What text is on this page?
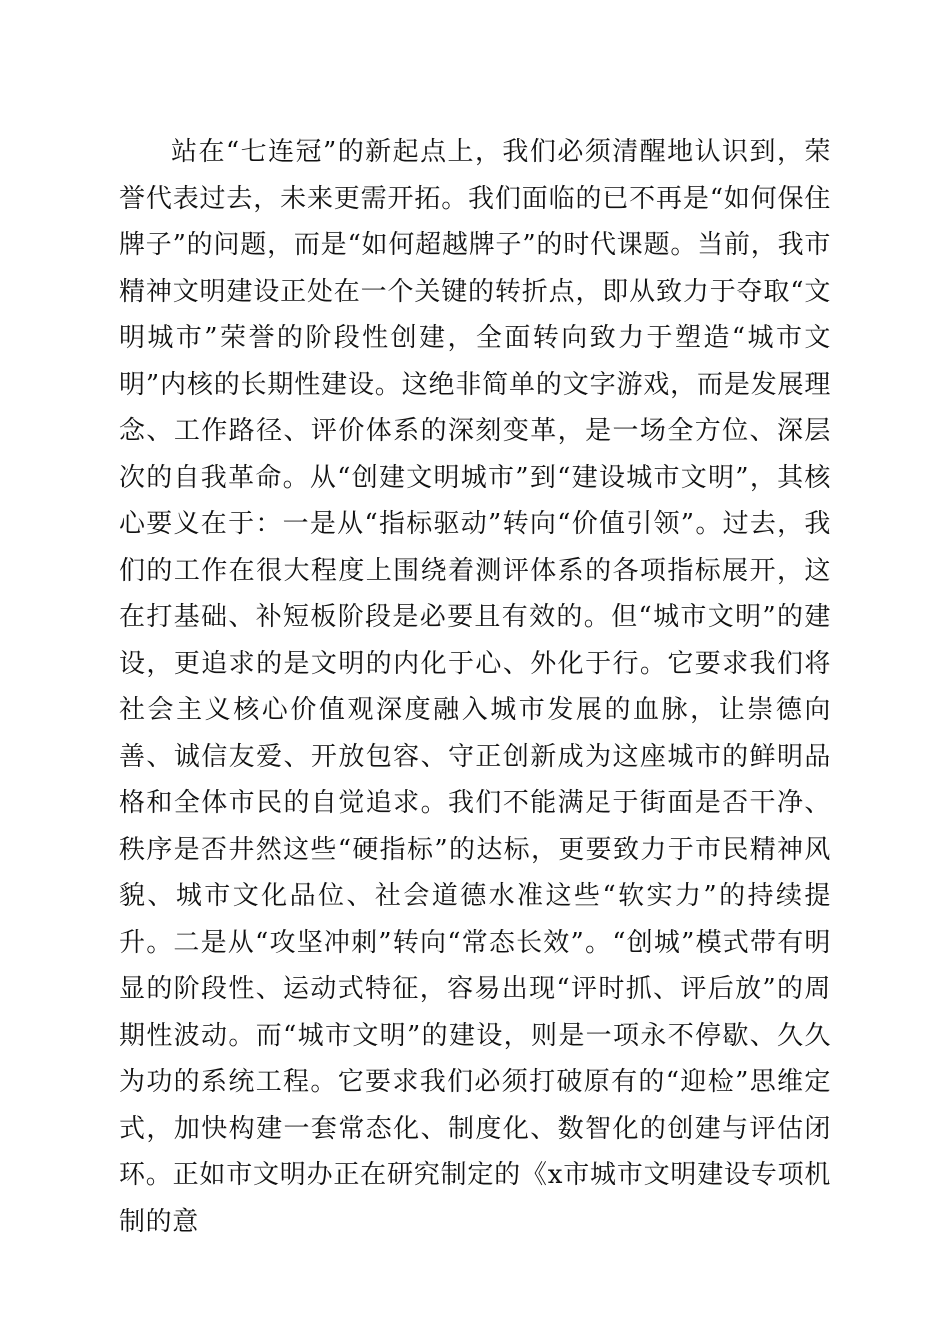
站在“七连冠”的新起点上，我们必须清醒地认识到，荣誉代表过去，未来更需开拓。我们面临的已不再是“如何保住牌子”的问题，而是“如何超越牌子”的时代课题。当前，我市精神文明建设正处在一个关键的转折点，即从致力于夺取“文明城市”荣誉的阶段性创建，全面转向致力于塑造“城市文明”内核的长期性建设。这绝非简单的文字游戏，而是发展理念、工作路径、评价体系的深刻变革，是一场全方位、深层次的自我革命。从“创建文明城市”到“建设城市文明”，其核心要义在于：一是从“指标驱动”转向“价值引领”。过去，我们的工作在很大程度上围绕着测评体系的各项指标展开，这在打基础、补短板阶段是必要且有效的。但“城市文明”的建设，更追求的是文明的内化于心、外化于行。它要求我们将社会主义核心价值观深度融入城市发展的血脉，让崇德向善、诚信友爱、开放包容、守正创新成为这座城市的鲜明品格和全体市民的自觉追求。我们不能满足于街面是否干净、秩序是否井然这些“硬指标”的达标，更要致力于市民精神风貌、城市文化品位、社会道德水准这些“软实力”的持续提升。二是从“攻坚冲刺”转向“常态长效”。“创城”模式带有明显的阶段性、运动式特征，容易出现“评时抓、评后放”的周期性波动。而“城市文明”的建设，则是一项永不停歇、久久为功的系统工程。它要求我们必须打破原有的“迎检”思维定式，加快构建一套常态化、制度化、数智化的创建与评估闭环。正如市文明办正在研究制定的《x市城市文明建设专项机制的意
